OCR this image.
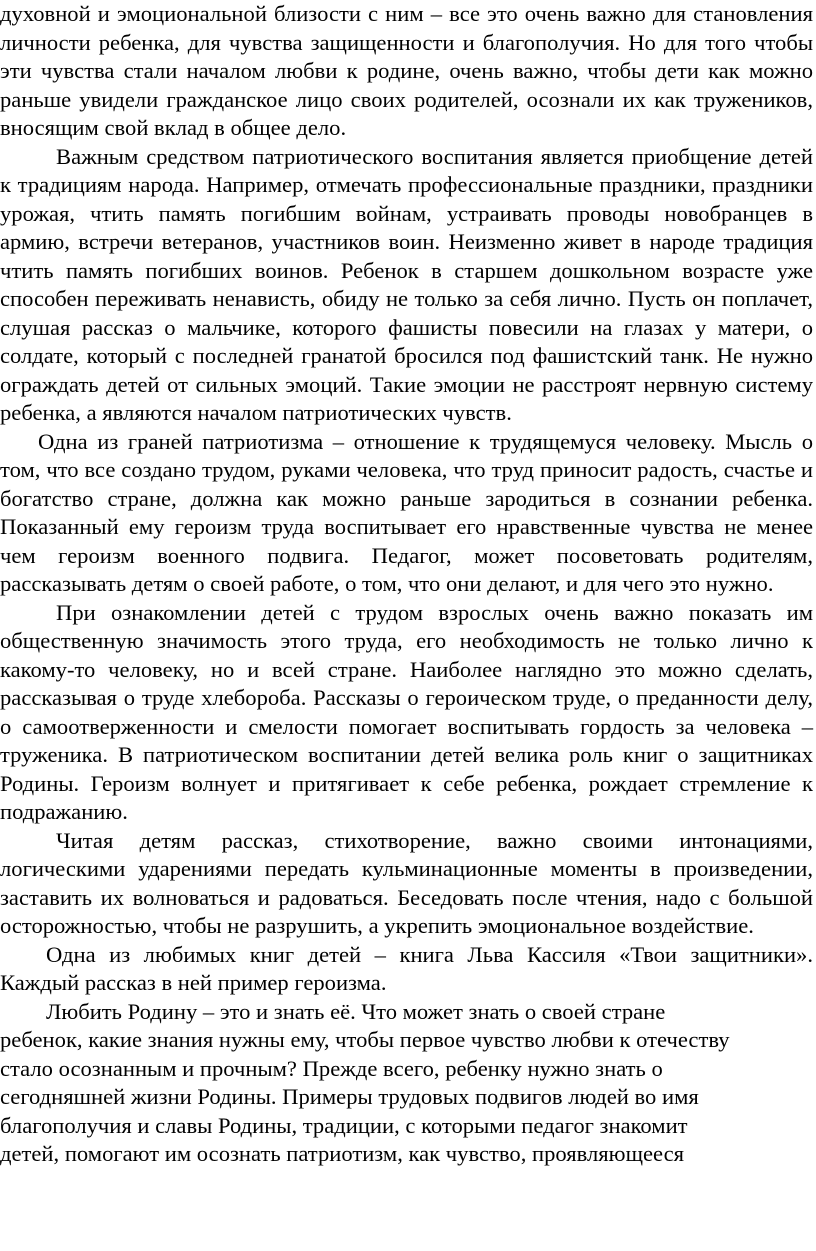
духовной и эмоциональной близости с ним – все это очень важно для становления личности ребенка, для чувства защищенности и благополучия. Но для того чтобы эти чувства стали началом любви к родине, очень важно, чтобы дети как можно раньше увидели гражданское лицо своих родителей, осознали их как тружеников, вносящим свой вклад в общее дело.

Важным средством патриотического воспитания является приобщение детей к традициям народа. Например, отмечать профессиональные праздники, праздники урожая, чтить память погибшим войнам, устраивать проводы новобранцев в армию, встречи ветеранов, участников воин. Неизменно живет в народе традиция чтить память погибших воинов. Ребенок в старшем дошкольном возрасте уже способен переживать ненависть, обиду не только за себя лично. Пусть он поплачет, слушая рассказ о мальчике, которого фашисты повесили на глазах у матери, о солдате, который с последней гранатой бросился под фашистский танк. Не нужно ограждать детей от сильных эмоций. Такие эмоции не расстроят нервную систему ребенка, а являются началом патриотических чувств.

Одна из граней патриотизма – отношение к трудящемуся человеку. Мысль о том, что все создано трудом, руками человека, что труд приносит радость, счастье и богатство стране, должна как можно раньше зародиться в сознании ребенка. Показанный ему героизм труда воспитывает его нравственные чувства не менее чем героизм военного подвига. Педагог, может посоветовать родителям, рассказывать детям о своей работе, о том, что они делают, и для чего это нужно.

При ознакомлении детей с трудом взрослых очень важно показать им общественную значимость этого труда, его необходимость не только лично к какому-то человеку, но и всей стране. Наиболее наглядно это можно сделать, рассказывая о труде хлебороба. Рассказы о героическом труде, о преданности делу, о самоотверженности и смелости помогает воспитывать гордость за человека – труженика. В патриотическом воспитании детей велика роль книг о защитниках Родины. Героизм волнует и притягивает к себе ребенка, рождает стремление к подражанию.

Читая детям рассказ, стихотворение, важно своими интонациями, логическими ударениями передать кульминационные моменты в произведении, заставить их волноваться и радоваться. Беседовать после чтения, надо с большой осторожностью, чтобы не разрушить, а укрепить эмоциональное воздействие.

Одна из любимых книг детей – книга Льва Кассиля «Твои защитники». Каждый рассказ в ней пример героизма.

Любить Родину – это и знать её. Что может знать о своей стране
ребенок, какие знания нужны ему, чтобы первое чувство любви к отечеству
стало осознанным и прочным? Прежде всего, ребенку нужно знать о
сегодняшней жизни Родины. Примеры трудовых подвигов людей во имя
благополучия и славы Родины, традиции, с которыми педагог знакомит
детей, помогают им осознать патриотизм, как чувство, проявляющееся
